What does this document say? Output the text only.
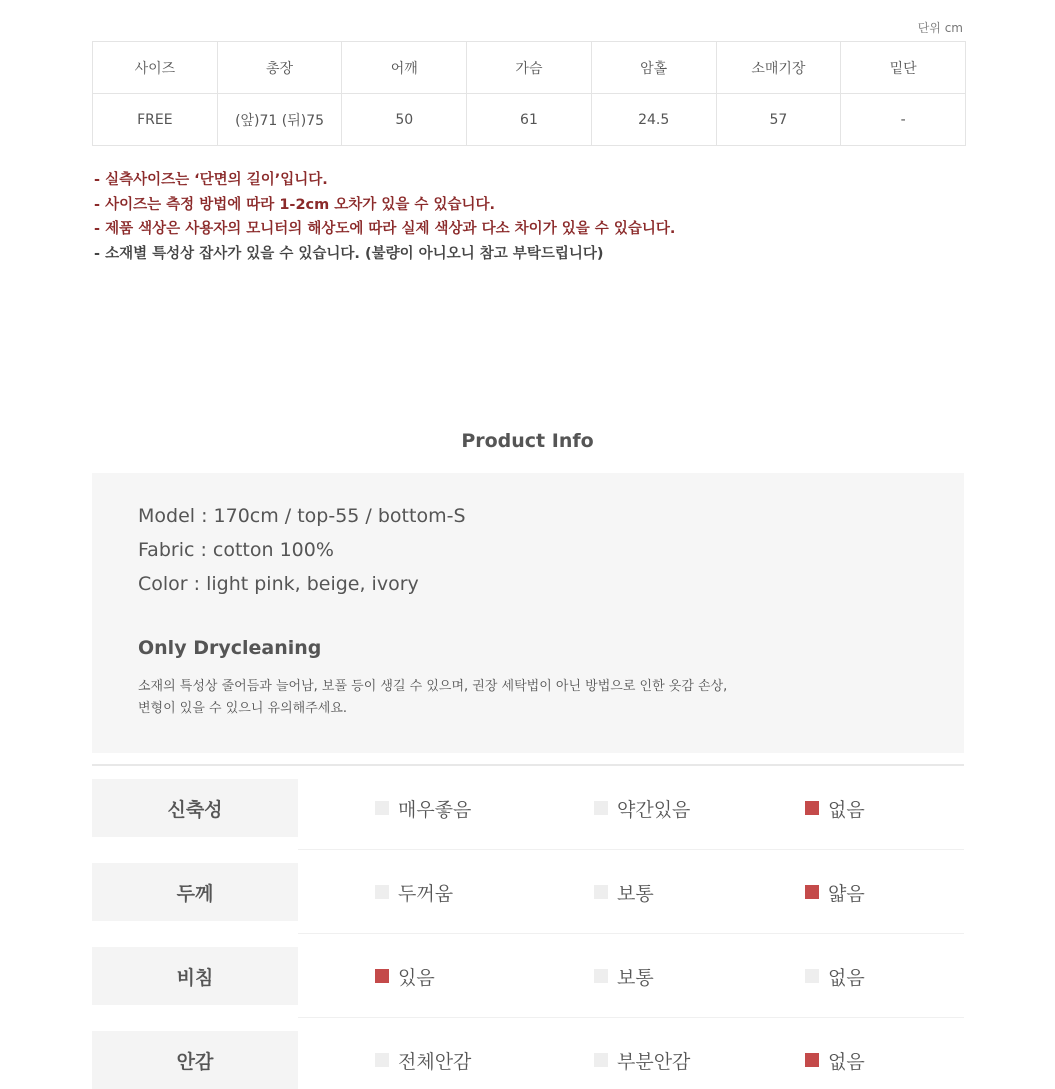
단위 cm
사이즈	총장	어깨	가슴	암홀	소매기장	밑단
FREE	(앞)71 (뒤)75	50	61	24.5	57	-
- 실측사이즈는 ‘단면의 길이’입니다.
- 사이즈는 측정 방법에 따라 1-2cm 오차가 있을 수 있습니다.
- 제품 색상은 사용자의 모니터의 해상도에 따라 실제 색상과 다소 차이가 있을 수 있습니다.
- 소재별 특성상 잡사가 있을 수 있습니다. (불량이 아니오니 참고 부탁드립니다)
Product Info
Model : 170cm / top-55 / bottom-S
Fabric : cotton 100%
Color : light pink, beige, ivory
Only Drycleaning
소재의 특성상 줄어듬과 늘어남, 보풀 등이 생길 수 있으며, 권장 세탁법이 아닌 방법으로 인한 옷감 손상,
변형이 있을 수 있으니 유의해주세요.
신축성	매우좋음	약간있음	없음
두께	두꺼움	보통	얇음
비침	있음	보통	없음
안감	전체안감	부분안감	없음
